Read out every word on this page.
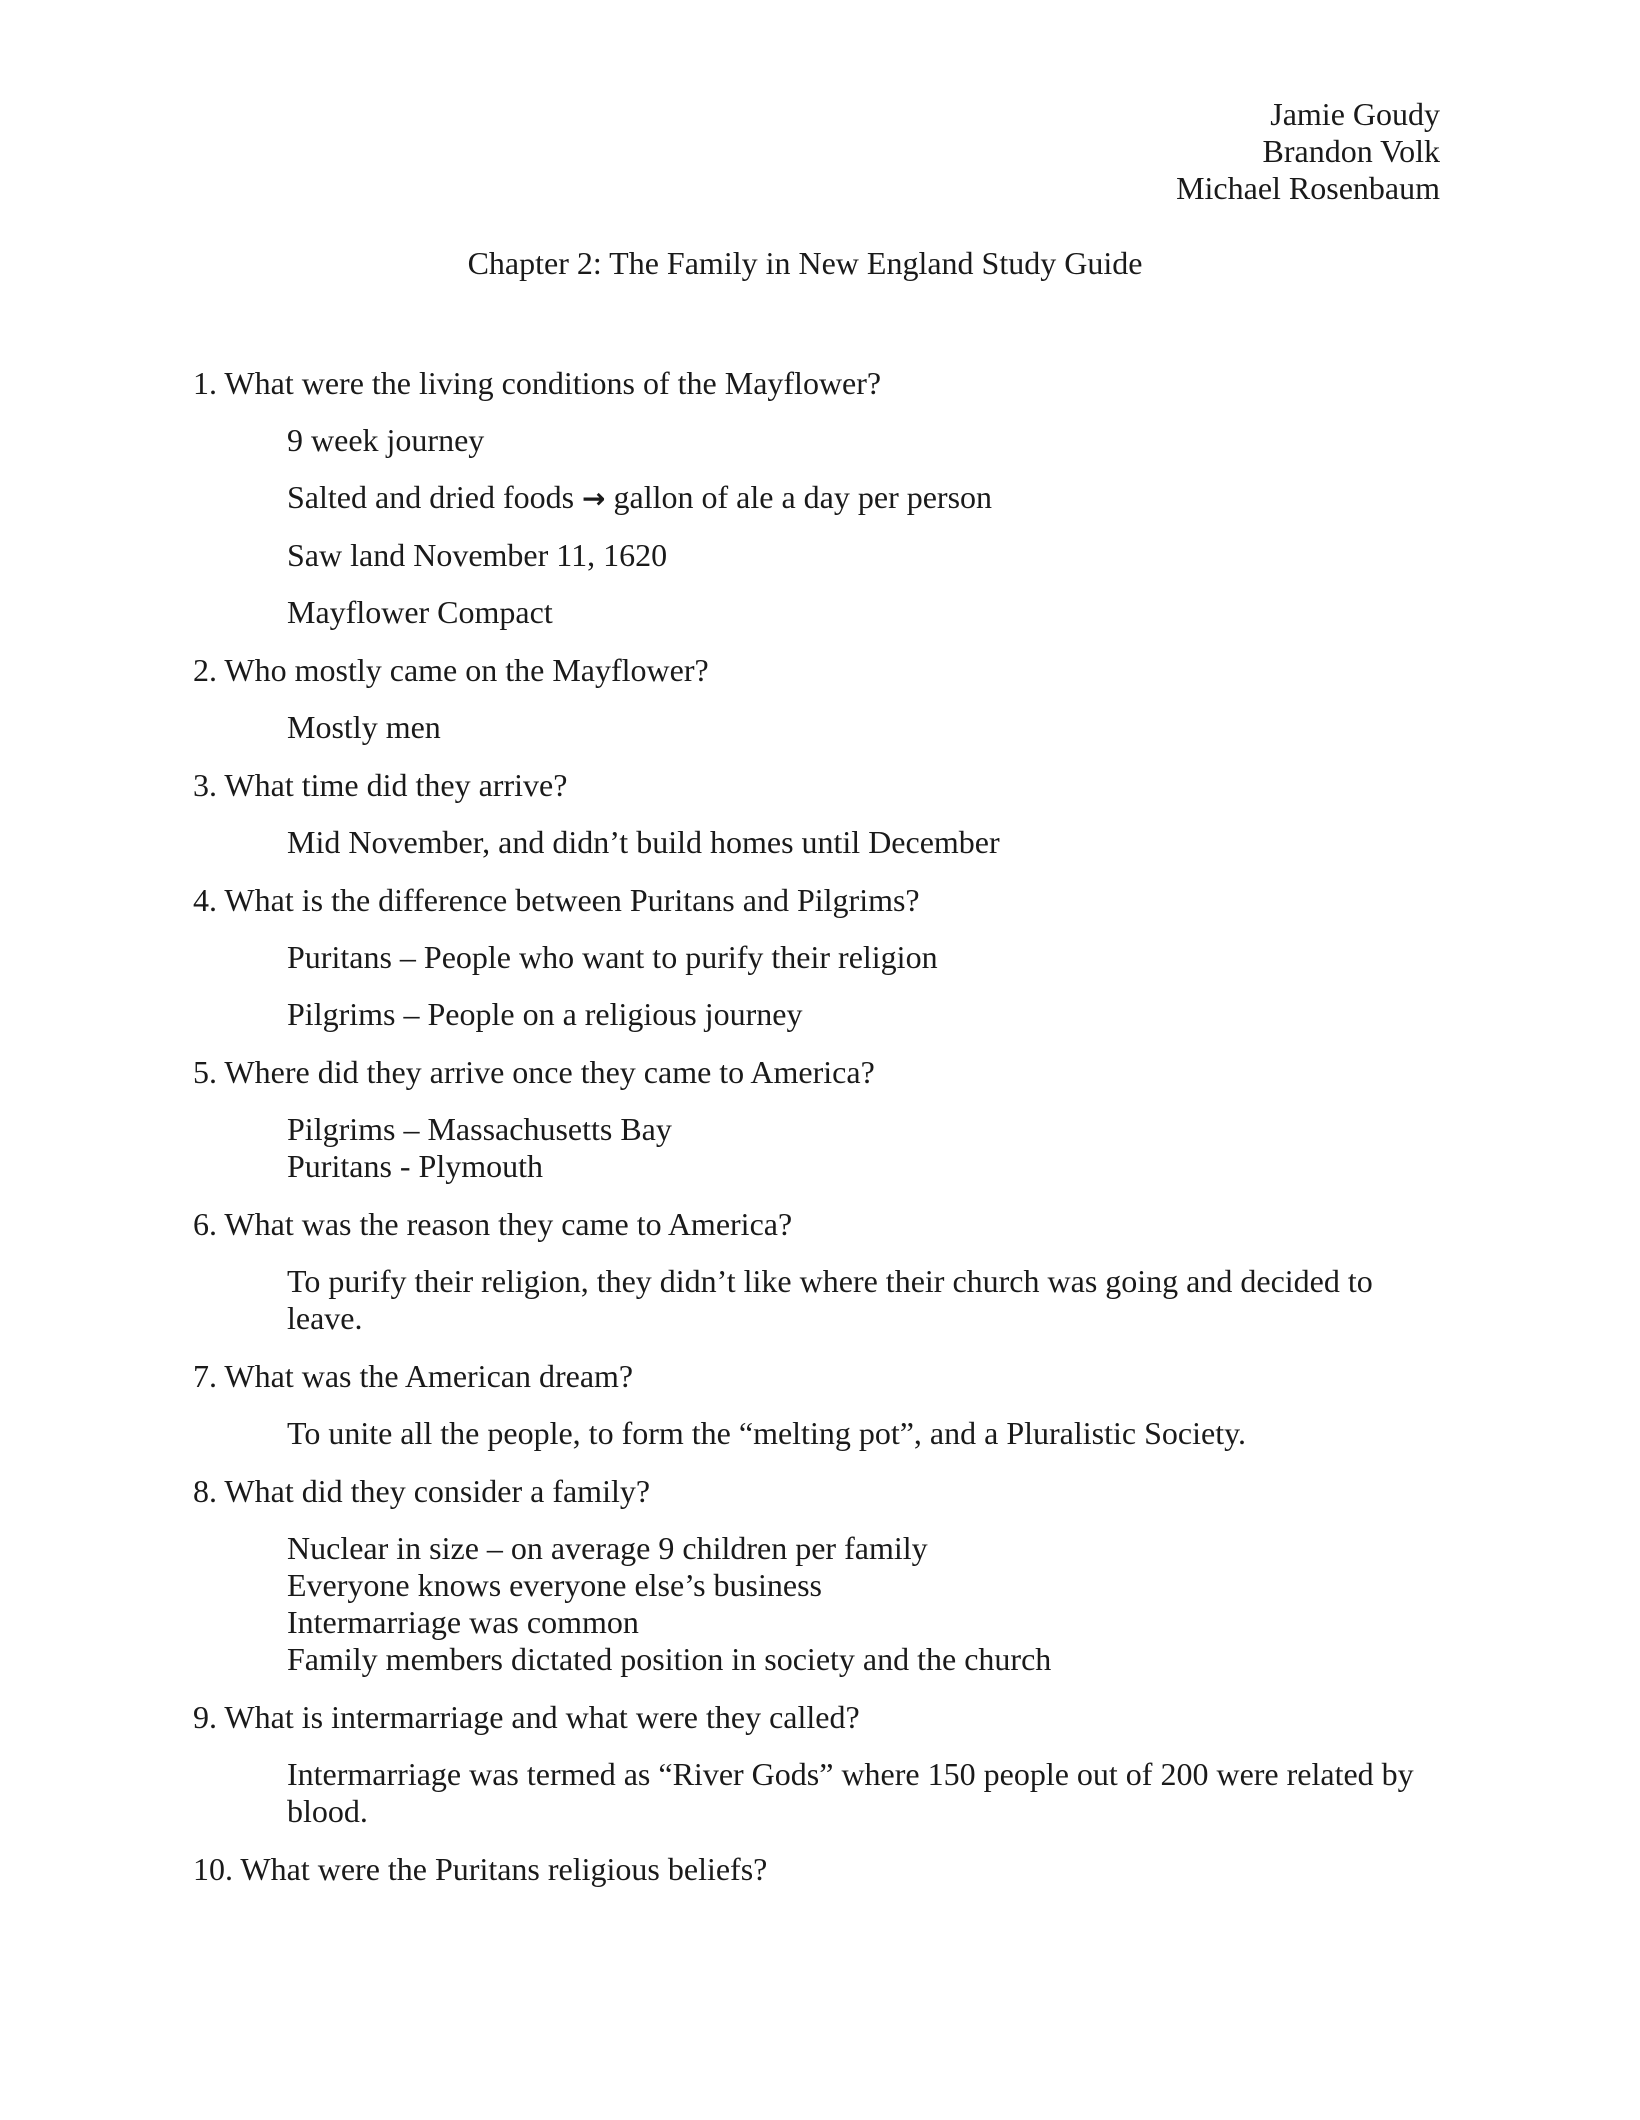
Jamie Goudy
Brandon Volk
Michael Rosenbaum
Chapter 2: The Family in New England Study Guide
1. What were the living conditions of the Mayflower?
9 week journey
Salted and dried foods → gallon of ale a day per person
Saw land November 11, 1620
Mayflower Compact
2. Who mostly came on the Mayflower?
Mostly men
3. What time did they arrive?
Mid November, and didn’t build homes until December
4. What is the difference between Puritans and Pilgrims?
Puritans – People who want to purify their religion
Pilgrims – People on a religious journey
5. Where did they arrive once they came to America?
Pilgrims – Massachusetts Bay
Puritans - Plymouth
6. What was the reason they came to America?
To purify their religion, they didn’t like where their church was going and decided to leave.
7. What was the American dream?
To unite all the people, to form the “melting pot”, and a Pluralistic Society.
8. What did they consider a family?
Nuclear in size – on average 9 children per family
Everyone knows everyone else’s business
Intermarriage was common
Family members dictated position in society and the church
9. What is intermarriage and what were they called?
Intermarriage was termed as “River Gods” where 150 people out of 200 were related by blood.
10. What were the Puritans religious beliefs?
